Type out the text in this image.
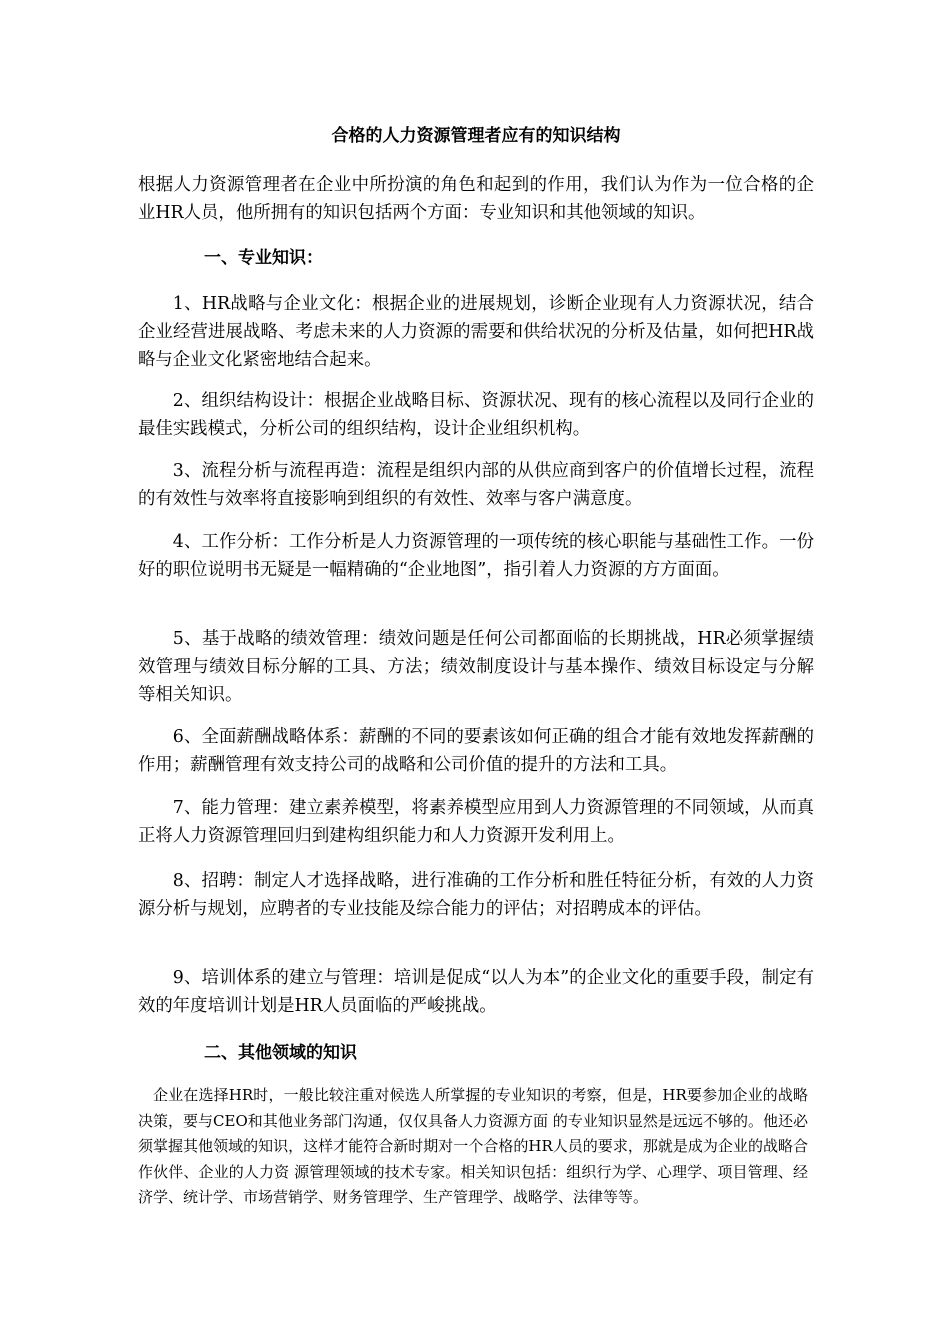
合格的人力资源管理者应有的知识结构

根据人力资源管理者在企业中所扮演的角色和起到的作用，我们认为作为一位合格的企业HR人员，他所拥有的知识包括两个方面：专业知识和其他领域的知识。

一、专业知识：

1、HR战略与企业文化：根据企业的进展规划，诊断企业现有人力资源状况，结合企业经营进展战略、考虑未来的人力资源的需要和供给状况的分析及估量，如何把HR战略与企业文化紧密地结合起来。

2、组织结构设计：根据企业战略目标、资源状况、现有的核心流程以及同行企业的最佳实践模式，分析公司的组织结构，设计企业组织机构。

3、流程分析与流程再造：流程是组织内部的从供应商到客户的价值增长过程，流程的有效性与效率将直接影响到组织的有效性、效率与客户满意度。

4、工作分析：工作分析是人力资源管理的一项传统的核心职能与基础性工作。一份好的职位说明书无疑是一幅精确的“企业地图”，指引着人力资源的方方面面。

5、基于战略的绩效管理：绩效问题是任何公司都面临的长期挑战，HR必须掌握绩效管理与绩效目标分解的工具、方法；绩效制度设计与基本操作、绩效目标设定与分解等相关知识。

6、全面薪酬战略体系：薪酬的不同的要素该如何正确的组合才能有效地发挥薪酬的作用；薪酬管理有效支持公司的战略和公司价值的提升的方法和工具。

7、能力管理：建立素养模型，将素养模型应用到人力资源管理的不同领域，从而真正将人力资源管理回归到建构组织能力和人力资源开发利用上。

8、招聘：制定人才选择战略，进行准确的工作分析和胜任特征分析，有效的人力资源分析与规划，应聘者的专业技能及综合能力的评估；对招聘成本的评估。

9、培训体系的建立与管理：培训是促成“以人为本”的企业文化的重要手段，制定有效的年度培训计划是HR人员面临的严峻挑战。

二、其他领域的知识

企业在选择HR时，一般比较注重对候选人所掌握的专业知识的考察，但是，HR要参加企业的战略决策，要与CEO和其他业务部门沟通，仅仅具备人力资源方面 的专业知识显然是远远不够的。他还必须掌握其他领域的知识，这样才能符合新时期对一个合格的HR人员的要求，那就是成为企业的战略合作伙伴、企业的人力资 源管理领域的技术专家。相关知识包括：组织行为学、心理学、项目管理、经济学、统计学、市场营销学、财务管理学、生产管理学、战略学、法律等等。
